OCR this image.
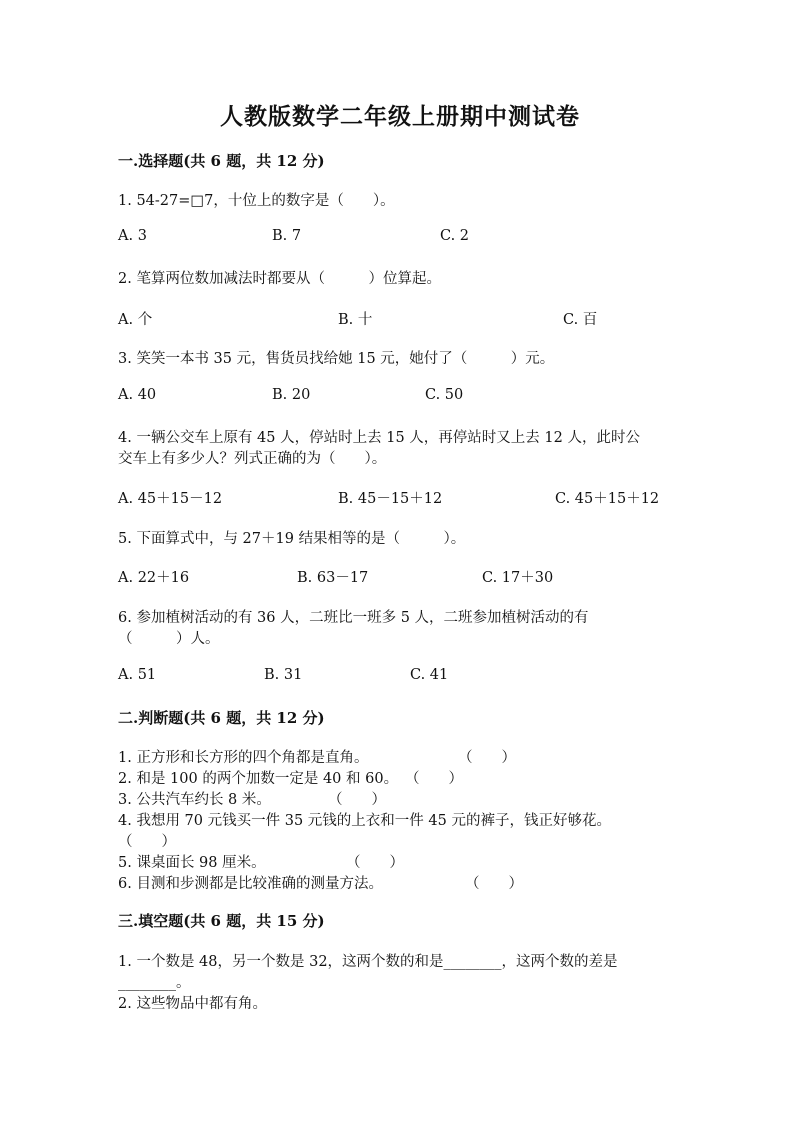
人教版数学二年级上册期中测试卷
一.选择题(共 6 题，共 12 分)
1. 54-27=□7，十位上的数字是（　　）。
A. 3	B. 7	C. 2
2. 笔算两位数加减法时都要从（　　　）位算起。
A. 个	B. 十	C. 百
3. 笑笑一本书 35 元，售货员找给她 15 元，她付了（　　　）元。
A. 40	B. 20	C. 50
4. 一辆公交车上原有 45 人，停站时上去 15 人，再停站时又上去 12 人，此时公
交车上有多少人？列式正确的为（　　）。
A. 45＋15－12	B. 45－15＋12	C. 45＋15＋12
5. 下面算式中，与 27＋19 结果相等的是（　　　）。
A. 22＋16	B. 63－17	C. 17＋30
6. 参加植树活动的有 36 人，二班比一班多 5 人，二班参加植树活动的有
（　　　）人。
A. 51	B. 31	C. 41
二.判断题(共 6 题，共 12 分)
1. 正方形和长方形的四个角都是直角。	（　　）
2. 和是 100 的两个加数一定是 40 和 60。 （　　）
3. 公共汽车约长 8 米。	（　　）
4. 我想用 70 元钱买一件 35 元钱的上衣和一件 45 元的裤子，钱正好够花。
（　　）
5. 课桌面长 98 厘米。	（　　）
6. 目测和步测都是比较准确的测量方法。	（　　）
三.填空题(共 6 题，共 15 分)
1. 一个数是 48，另一个数是 32，这两个数的和是________，这两个数的差是
________。
2. 这些物品中都有角。
